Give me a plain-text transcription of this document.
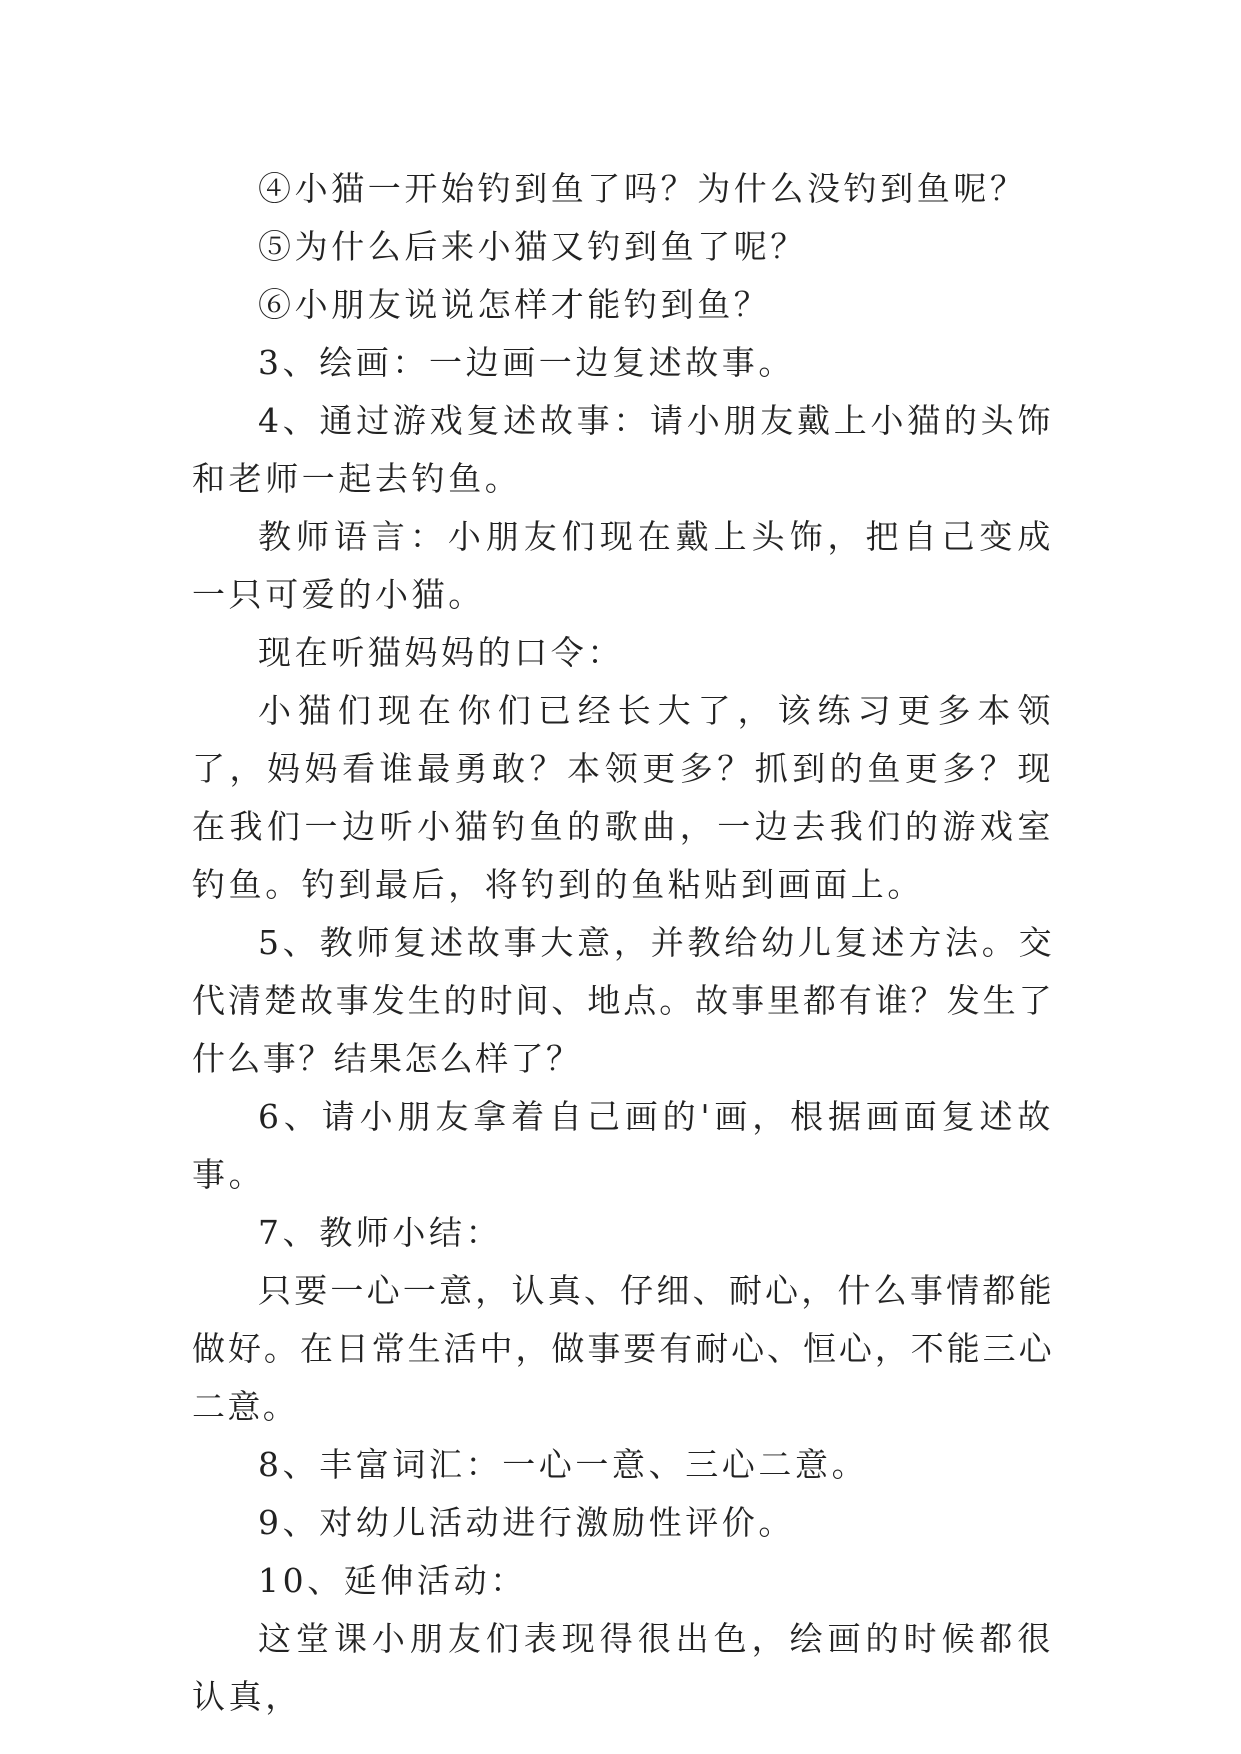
④小猫一开始钓到鱼了吗？为什么没钓到鱼呢？

⑤为什么后来小猫又钓到鱼了呢？

⑥小朋友说说怎样才能钓到鱼？

3、绘画：一边画一边复述故事。

4、通过游戏复述故事：请小朋友戴上小猫的头饰和老师一起去钓鱼。

教师语言：小朋友们现在戴上头饰，把自己变成一只可爱的小猫。

现在听猫妈妈的口令：

小猫们现在你们已经长大了，该练习更多本领了，妈妈看谁最勇敢？本领更多？抓到的鱼更多？现在我们一边听小猫钓鱼的歌曲，一边去我们的游戏室钓鱼。钓到最后，将钓到的鱼粘贴到画面上。

5、教师复述故事大意，并教给幼儿复述方法。交代清楚故事发生的时间、地点。故事里都有谁？发生了什么事？结果怎么样了？

6、请小朋友拿着自己画的'画，根据画面复述故事。

7、教师小结：

只要一心一意，认真、仔细、耐心，什么事情都能做好。在日常生活中，做事要有耐心、恒心，不能三心二意。

8、丰富词汇：一心一意、三心二意。

9、对幼儿活动进行激励性评价。

10、延伸活动：

这堂课小朋友们表现得很出色，绘画的时候都很认真，
